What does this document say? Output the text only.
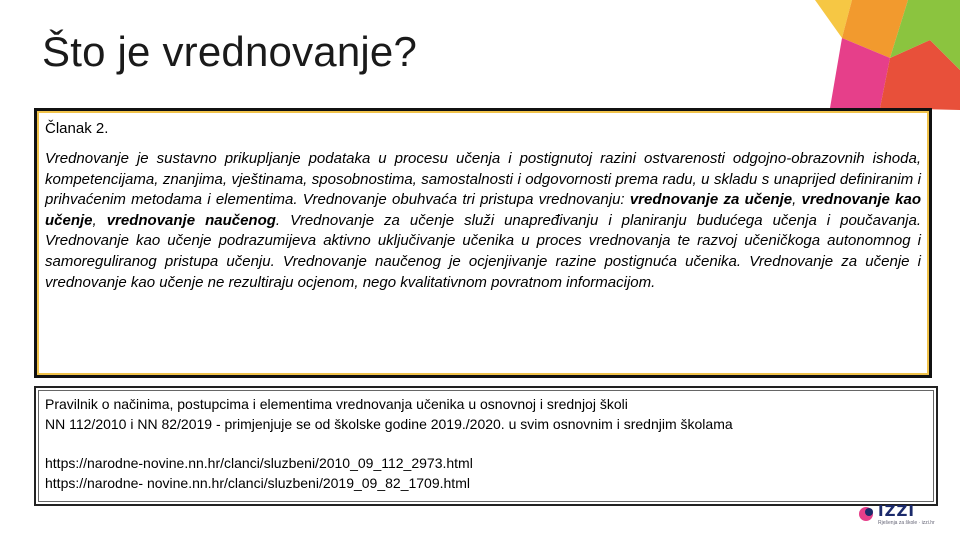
Što je vrednovanje?

Članak 2.

Vrednovanje je sustavno prikupljanje podataka u procesu učenja i postignutoj razini ostvarenosti odgojno-obrazovnih ishoda, kompetencijama, znanjima, vještinama, sposobnostima, samostalnosti i odgovornosti prema radu, u skladu s unaprijed definiranim i prihvaćenim metodama i elementima. Vrednovanje obuhvaća tri pristupa vrednovanju: vrednovanje za učenje, vrednovanje kao učenje, vrednovanje naučenog. Vrednovanje za učenje služi unapređivanju i planiranju budućega učenja i poučavanja. Vrednovanje kao učenje podrazumijeva aktivno uključivanje učenika u proces vrednovanja te razvoj učeničkoga autonomnog i samoreguliranog pristupa učenju. Vrednovanje naučenog je ocjenjivanje razine postignuća učenika. Vrednovanje za učenje i vrednovanje kao učenje ne rezultiraju ocjenom, nego kvalitativnom povratnom informacijom.

Pravilnik o načinima, postupcima i elementima vrednovanja učenika u osnovnoj i srednjoj školi

NN 112/2010 i NN 82/2019 - primjenjuje se od školske godine 2019./2020. u svim osnovnim i srednjim školama

https://narodne-novine.nn.hr/clanci/sluzbeni/2010_09_112_2973.html

https://narodne- novine.nn.hr/clanci/sluzbeni/2019_09_82_1709.html

IZZI
Rješenja za škole · izzi.hr
